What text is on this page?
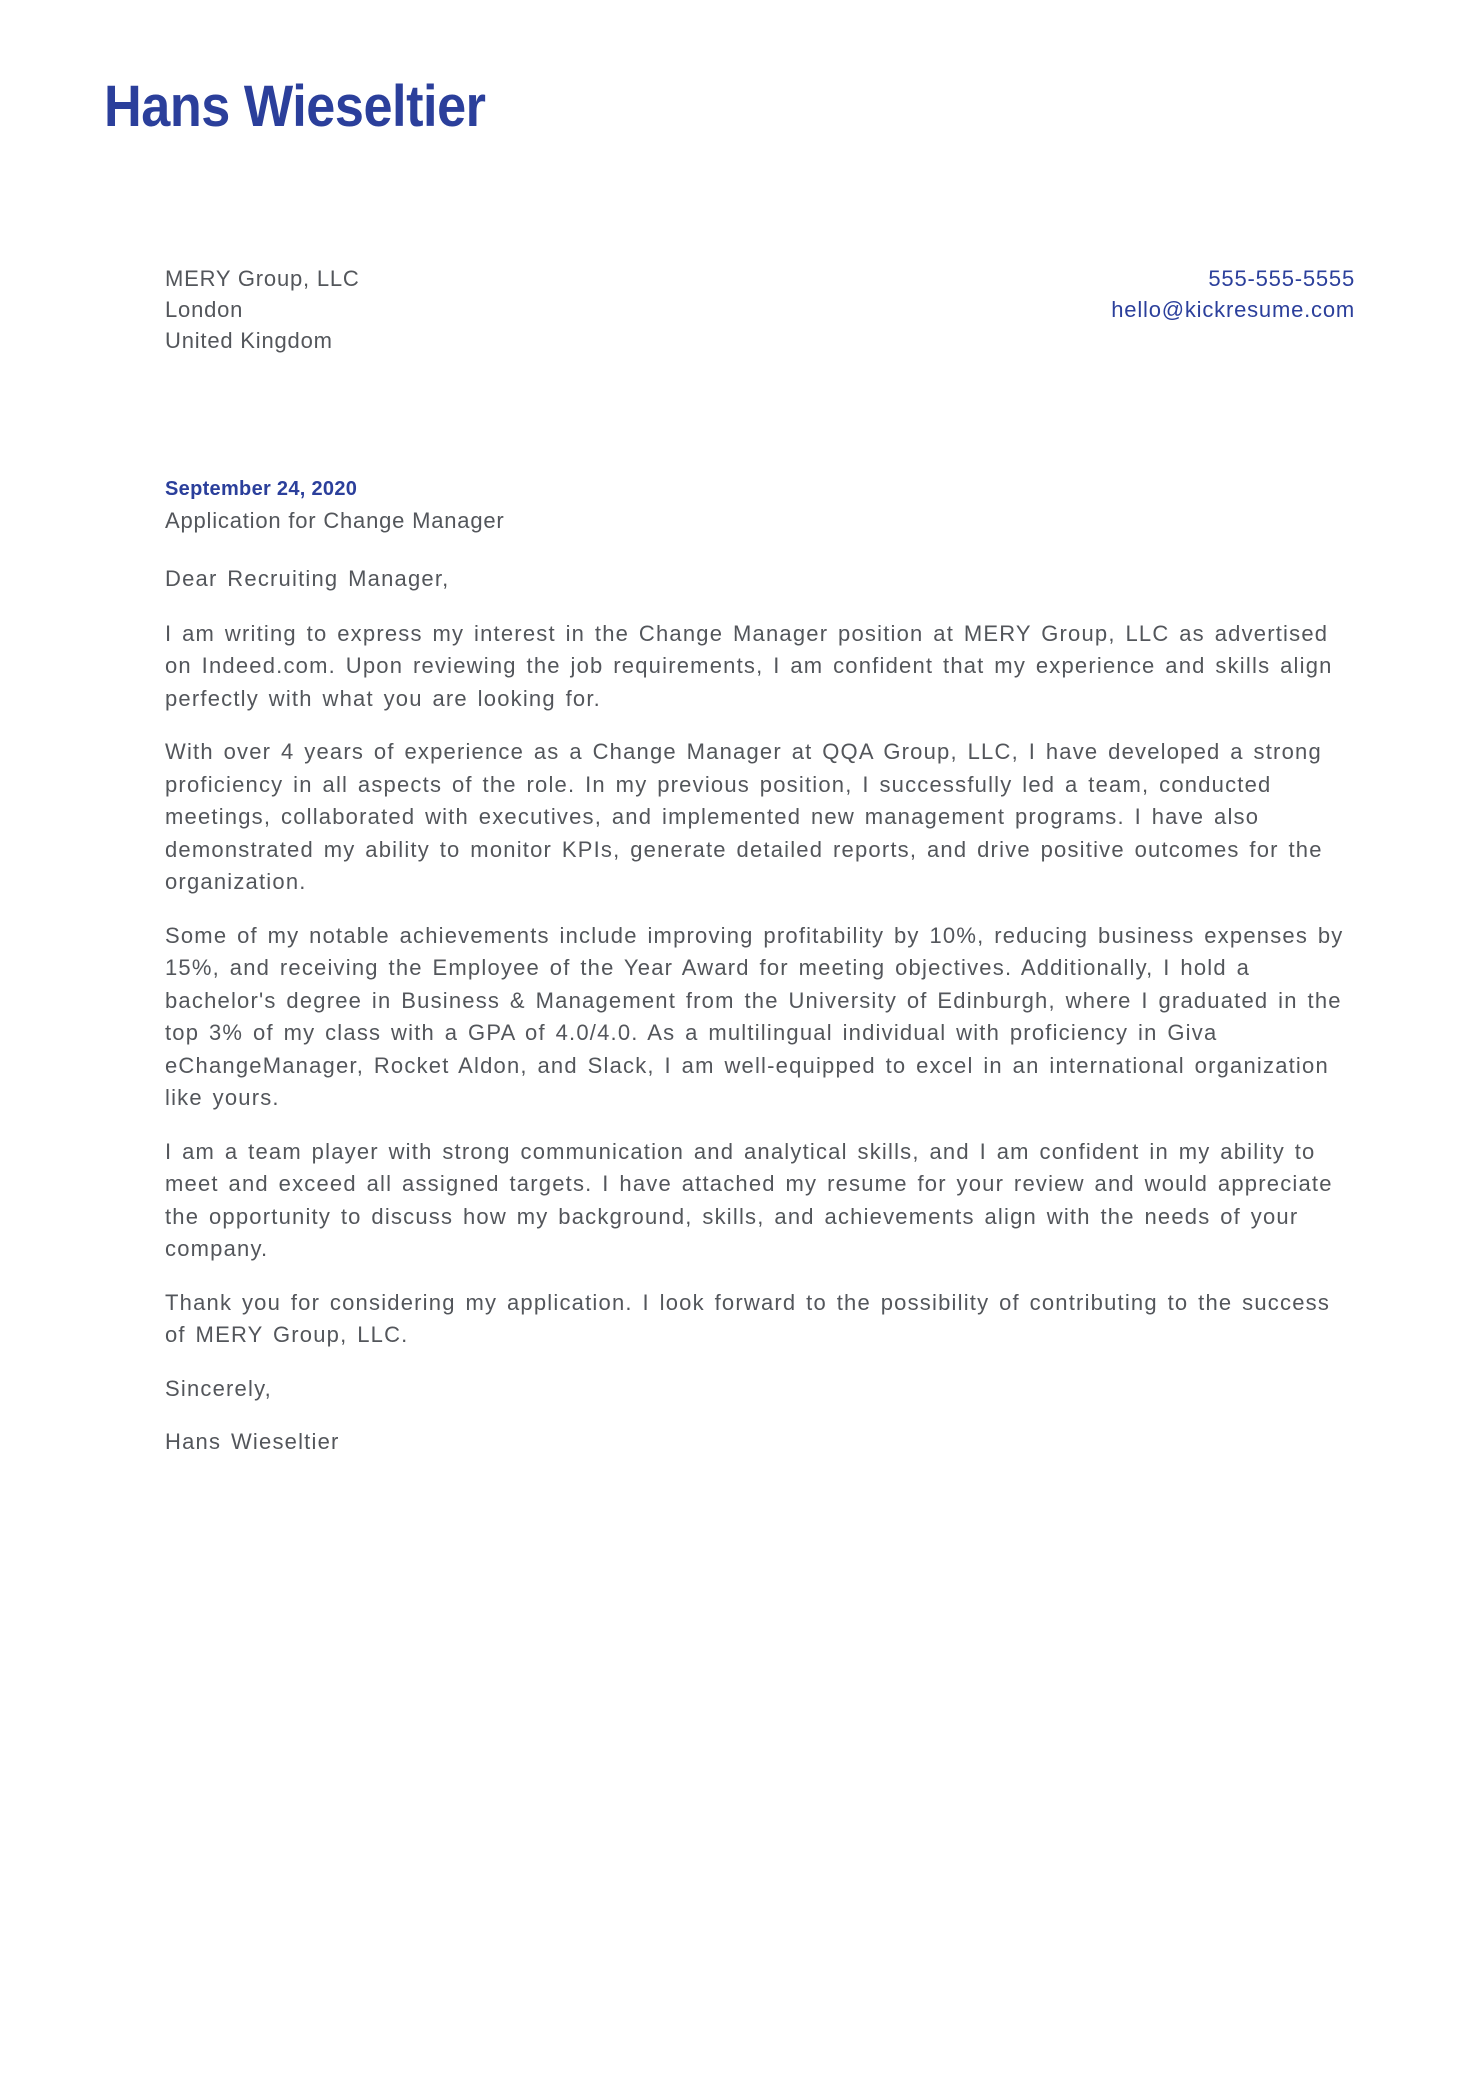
Hans Wieseltier
MERY Group, LLC
London
United Kingdom
555-555-5555
hello@kickresume.com
September 24, 2020
Application for Change Manager

Dear Recruiting Manager,

I am writing to express my interest in the Change Manager position at MERY Group, LLC as advertised on Indeed.com. Upon reviewing the job requirements, I am confident that my experience and skills align perfectly with what you are looking for.

With over 4 years of experience as a Change Manager at QQA Group, LLC, I have developed a strong proficiency in all aspects of the role. In my previous position, I successfully led a team, conducted meetings, collaborated with executives, and implemented new management programs. I have also demonstrated my ability to monitor KPIs, generate detailed reports, and drive positive outcomes for the organization.

Some of my notable achievements include improving profitability by 10%, reducing business expenses by 15%, and receiving the Employee of the Year Award for meeting objectives. Additionally, I hold a bachelor's degree in Business & Management from the University of Edinburgh, where I graduated in the top 3% of my class with a GPA of 4.0/4.0. As a multilingual individual with proficiency in Giva eChangeManager, Rocket Aldon, and Slack, I am well-equipped to excel in an international organization like yours.

I am a team player with strong communication and analytical skills, and I am confident in my ability to meet and exceed all assigned targets. I have attached my resume for your review and would appreciate the opportunity to discuss how my background, skills, and achievements align with the needs of your company.

Thank you for considering my application. I look forward to the possibility of contributing to the success of MERY Group, LLC.

Sincerely,

Hans Wieseltier
